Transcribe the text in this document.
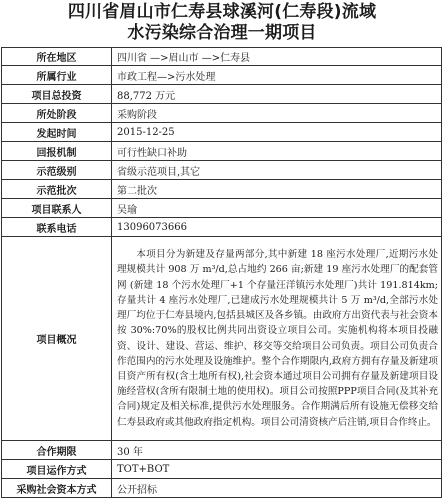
四川省眉山市仁寿县球溪河(仁寿段)流域
水污染综合治理一期项目
所在地区	四川省 —>眉山市 —>仁寿县
所属行业	市政工程—>污水处理
项目总投资	88,772 万元
所处阶段	采购阶段
发起时间	2015-12-25
回报机制	可行性缺口补助
示范级别	省级示范项目,其它
示范批次	第二批次
项目联系人	吴瑜
联系电话	13096073666
项目概况	本项目分为新建及存量两部分,其中新建 18 座污水处理厂,近期污水处理规模共计 908 万 m³/d,总占地约 266 亩;新建 19 座污水处理厂的配套管网 (新建 18 个污水处理厂+1 个存量汪洋镇污水处理厂)共计 191.814km;存量共计 4 座污水处理厂,已建成污水处理规模共计 5 万 m³/d,全部污水处理厂均位于仁寿县境内,包括县城区及各乡镇。由政府方出资代表与社会资本按 30%:70%的股权比例共同出资设立项目公司。实施机构将本项目投融资、设计、建设、营运、维护、移交等交给项目公司负责。项目公司负责合作范围内的污水处理及设施维护。整个合作期限内,政府方拥有存量及新建项目资产所有权(含土地所有权),社会资本通过项目公司拥有存量及新建项目设施经营权(含所有限制土地的使用权)。项目公司按照PPP项目合同(及其补充合同)规定及相关标准,提供污水处理服务。合作期满后所有设施无偿移交给仁寿县政府或其他政府指定机构。项目公司清资核产后注销,项目合作终止。

合作期限	30 年
项目运作方式	TOT+BOT
采购社会资本方式	公开招标
